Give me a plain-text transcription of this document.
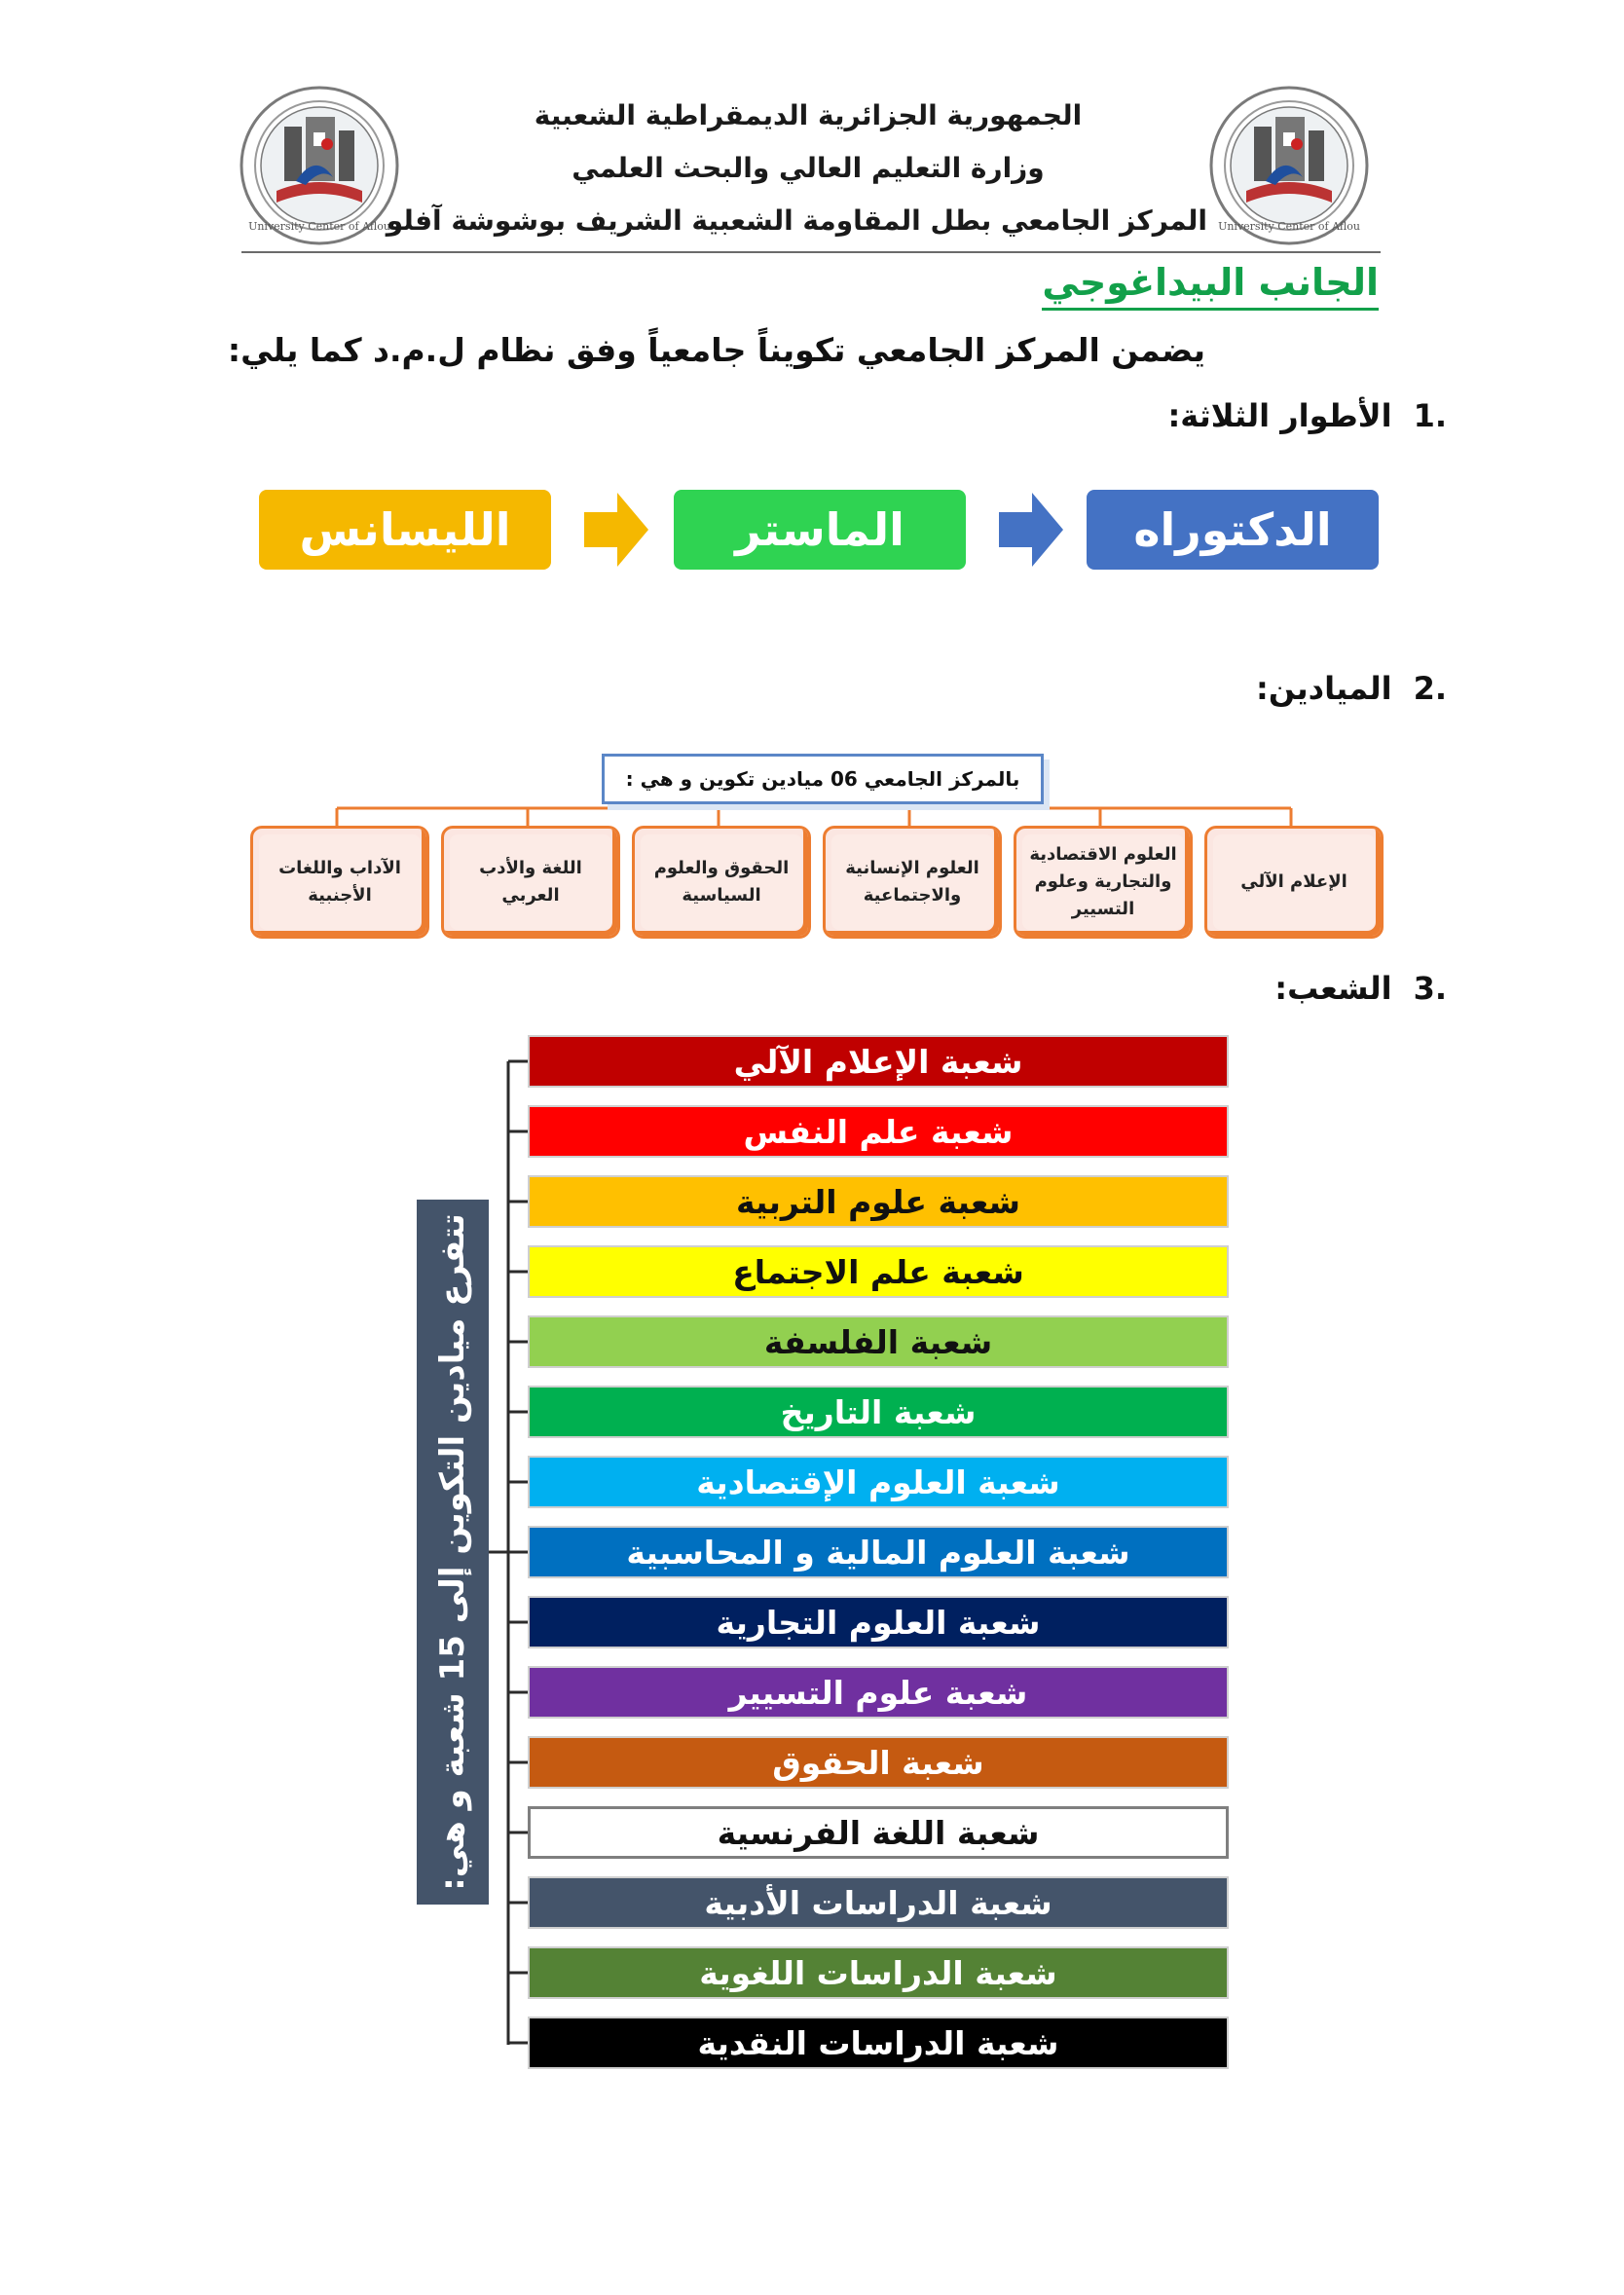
University Center of Aflou	University Center of Aflou
الجمهورية الجزائرية الديمقراطية الشعبية
وزارة التعليم العالي والبحث العلمي
المركز الجامعي بطل المقاومة الشعبية الشريف بوشوشة آفلو
الجانب البيداغوجي
يضمن المركز الجامعي تكويناً جامعياً وفق نظام ل.م.د كما يلي:
.1الأطوار الثلاثة:
الدكتوراه
الماستر
الليسانس
.2الميادين:
بالمركز الجامعي 06 ميادين تكوين و هي :
الإعلام الآلي
العلوم الاقتصادية والتجارية وعلوم التسيير
العلوم الإنسانية والاجتماعية
الحقوق والعلوم السياسية
اللغة والأدب العربي
الآداب واللغات الأجنبية
.3الشعب:
تتفرع ميادين التكوين إلى 15 شعبة و هي:
شعبة الإعلام الآلي
شعبة علم النفس
شعبة علوم التربية
شعبة علم الاجتماع
شعبة الفلسفة
شعبة التاريخ
شعبة العلوم الإقتصادية
شعبة العلوم المالية و المحاسبية
شعبة العلوم التجارية
شعبة علوم التسيير
شعبة الحقوق
شعبة اللغة الفرنسية
شعبة الدراسات الأدبية
شعبة الدراسات اللغوية
شعبة الدراسات النقدية
